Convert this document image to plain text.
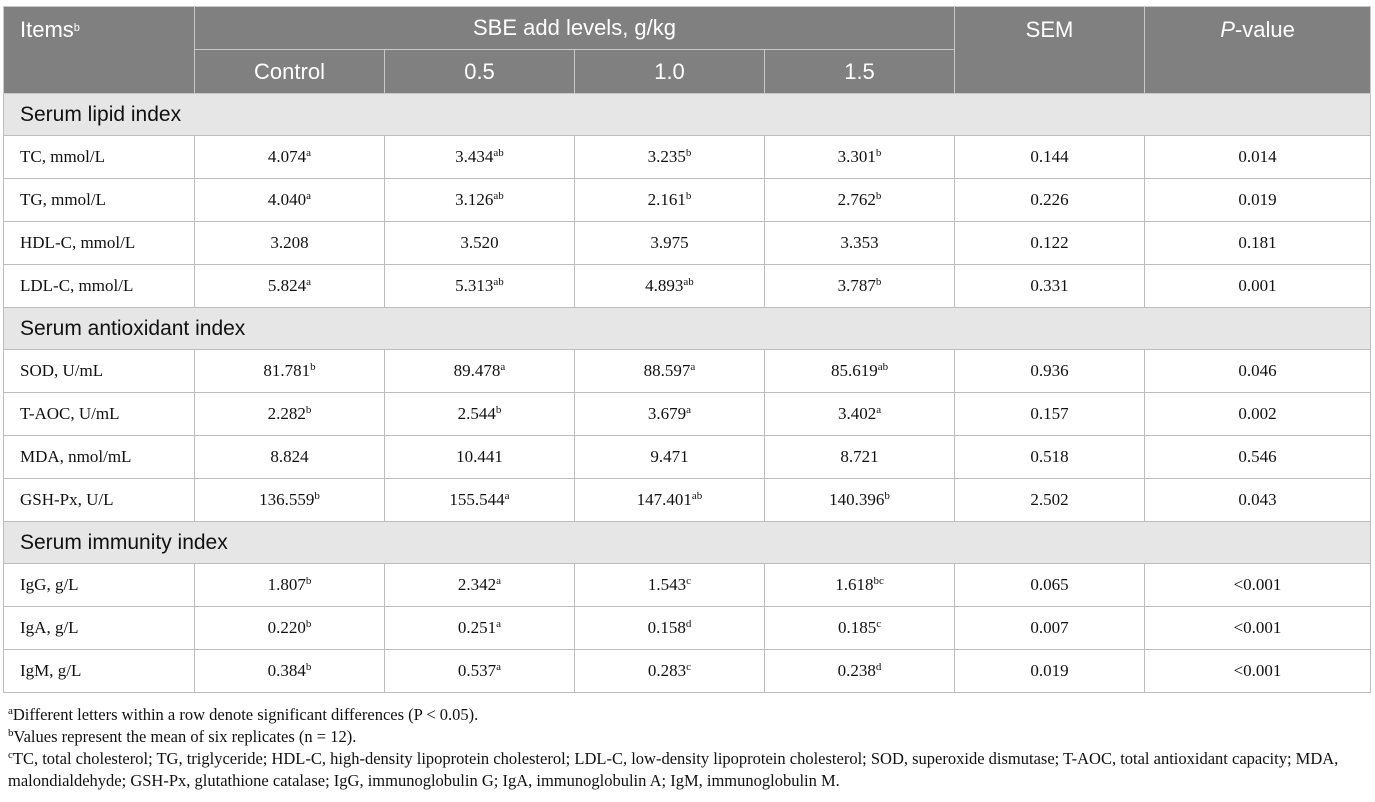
Items$^b$	SBE add levels, g/kg				SEM	P-value
	Control	0.5	1.0	1.5		
Serum lipid index						
TC, mmol/L	4.074$^a$	3.434$^{ab}$	3.235$^b$	3.301$^b$	0.144	0.014
TG, mmol/L	4.040$^a$	3.126$^{ab}$	2.161$^b$	2.762$^b$	0.226	0.019
HDL-C, mmol/L	3.208	3.520	3.975	3.353	0.122	0.181
LDL-C, mmol/L	5.824$^a$	5.313$^{ab}$	4.893$^{ab}$	3.787$^b$	0.331	0.001
Serum antioxidant index						
SOD, U/mL	81.781$^b$	89.478$^a$	88.597$^a$	85.619$^{ab}$	0.936	0.046
T-AOC, U/mL	2.282$^b$	2.544$^b$	3.679$^a$	3.402$^a$	0.157	0.002
MDA, nmol/mL	8.824	10.441	9.471	8.721	0.518	0.546
GSH-Px, U/L	136.559$^b$	155.544$^a$	147.401$^{ab}$	140.396$^b$	2.502	0.043
Serum immunity index						
IgG, g/L	1.807$^b$	2.342$^a$	1.543$^c$	1.618$^{bc}$	0.065	<0.001
IgA, g/L	0.220$^b$	0.251$^a$	0.158$^d$	0.185$^c$	0.007	<0.001
IgM, g/L	0.384$^b$	0.537$^a$	0.283$^c$	0.238$^d$	0.019	<0.001

$^a$Different letters within a row denote significant differences (P < 0.05).

$^b$Values represent the mean of six replicates (n = 12).

$^c$TC, total cholesterol; TG, triglyceride; HDL-C, high-density lipoprotein cholesterol; LDL-C, low-density lipoprotein cholesterol; SOD, superoxide dismutase; T-AOC, total antioxidant capacity; MDA, malondialdehyde; GSH-Px, glutathione catalase; IgG, immunoglobulin G; IgA, immunoglobulin A; IgM, immunoglobulin M.
